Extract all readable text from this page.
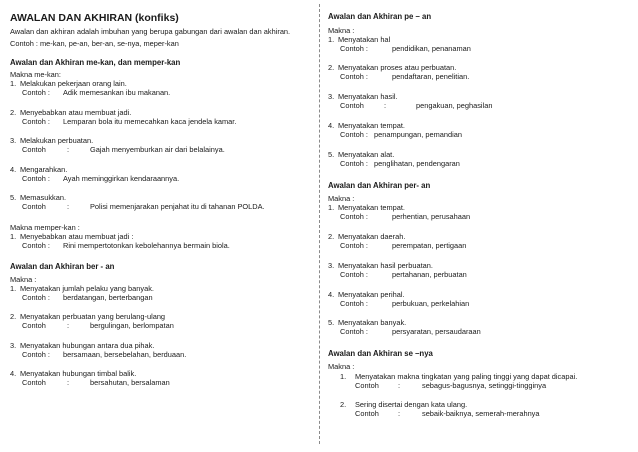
AWALAN DAN AKHIRAN (konfiks)
Awalan dan akhiran adalah imbuhan yang berupa gabungan dari awalan dan akhiran.
Contoh : me-kan, pe-an, ber-an, se-nya, meper-kan
Awalan dan Akhiran me-kan, dan memper-kan
Makna me-kan:
1. Melakukan pekerjaan orang lain.
Contoh : Adik memesankan ibu makanan.
2. Menyebabkan atau membuat jadi.
Contoh : Lemparan bola itu memecahkan kaca jendela kamar.
3. Melakukan perbuatan.
Contoh	:	Gajah menyemburkan air dari belalainya.
4. Mengarahkan.
Contoh : Ayah meminggirkan kendaraannya.
5. Memasukkan.
Contoh	:	Polisi memenjarakan penjahat itu di tahanan POLDA.
Makna memper-kan :
1. Menyebabkan atau membuat jadi :
Contoh : Rini mempertotonkan kebolehannya bermain biola.
Awalan dan Akhiran ber - an
Makna :
1. Menyatakan jumlah pelaku yang banyak.
Contoh : berdatangan, berterbangan
2. Menyatakan perbuatan yang berulang-ulang
Contoh	:	bergulingan, berlompatan
3. Menyatakan hubungan antara dua pihak.
Contoh : bersamaan, bersebelahan, berduaan.
4. Menyatakan hubungan timbal balik.
Contoh	:	bersahutan, bersalaman
Awalan dan Akhiran pe – an
Makna :
1. Menyatakan hal
Contoh :	pendidikan, penanaman
2. Menyatakan proses atau perbuatan.
Contoh :	pendaftaran, penelitian.
3. Menyatakan hasil.
Contoh	:	pengakuan, peghasilan
4. Menyatakan tempat.
Contoh : penampungan, pemandian
5. Menyatakan alat.
Contoh : penglihatan, pendengaran
Awalan dan Akhiran per- an
Makna :
1. Menyatakan tempat.
Contoh :	perhentian, perusahaan
2. Menyatakan daerah.
Contoh :	perempatan, pertigaan
3. Menyatakan hasil perbuatan.
Contoh :	pertahanan, perbuatan
4. Menyatakan perihal.
Contoh :	perbukuan, perkelahian
5. Menyatakan banyak.
Contoh :	persyaratan, persaudaraan
Awalan dan Akhiran se –nya
Makna :
1. Menyatakan makna tingkatan yang paling tinggi yang dapat dicapai.
Contoh	:	sebagus-bagusnya, setinggi-tingginya
2. Sering disertai dengan kata ulang.
Contoh	:	sebaik-baiknya, semerah-merahnya
